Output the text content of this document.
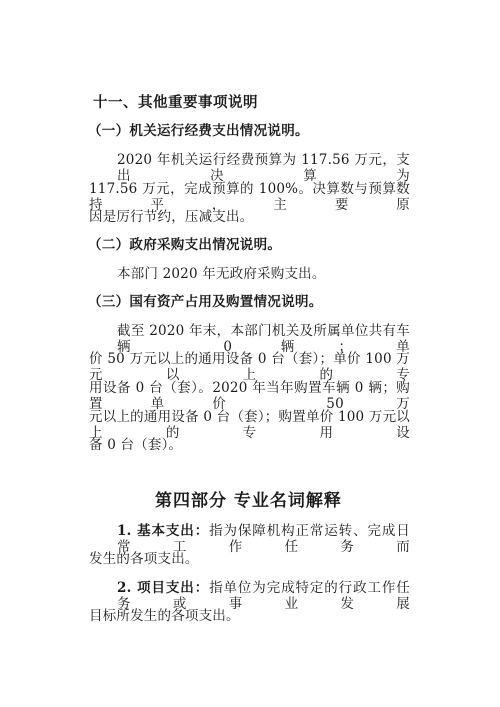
十一、其他重要事项说明
（一）机关运行经费支出情况说明。
2020 年机关运行经费预算为 117.56 万元，支出决算为
117.56 万元，完成预算的 100%。决算数与预算数持平，主要原
因是厉行节约，压减支出。
（二）政府采购支出情况说明。
本部门 2020 年无政府采购支出。
（三）国有资产占用及购置情况说明。
截至 2020 年末，本部门机关及所属单位共有车辆 0 辆；单
价 50 万元以上的通用设备 0 台（套）；单价 100 万元以上的专
用设备 0 台（套）。2020 年当年购置车辆 0 辆；购置单价 50 万
元以上的通用设备 0 台（套）；购置单价 100 万元以上的专用设
备 0 台（套）。
第四部分 专业名词解释
1. 基本支出：指为保障机构正常运转、完成日常工作任务而
发生的各项支出。
2. 项目支出：指单位为完成特定的行政工作任务或事业发展
目标所发生的各项支出。
